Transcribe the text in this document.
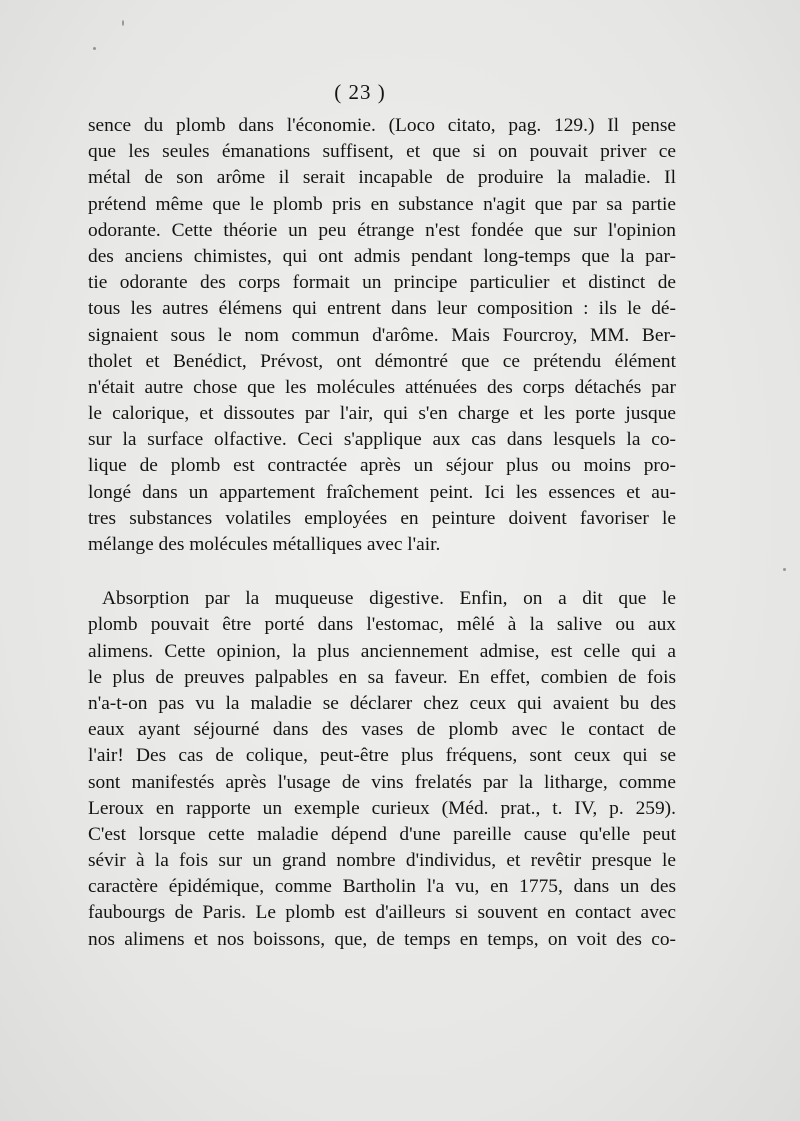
( 23 )
sence du plomb dans l'économie. (Loco citato, pag. 129.) Il pense
que les seules émanations suffisent, et que si on pouvait priver ce
métal de son arôme il serait incapable de produire la maladie. Il
prétend même que le plomb pris en substance n'agit que par sa partie
odorante. Cette théorie un peu étrange n'est fondée que sur l'opinion
des anciens chimistes, qui ont admis pendant long-temps que la par-
tie odorante des corps formait un principe particulier et distinct de
tous les autres élémens qui entrent dans leur composition : ils le dé-
signaient sous le nom commun d'arôme. Mais Fourcroy, MM. Ber-
tholet et Benédict, Prévost, ont démontré que ce prétendu élément
n'était autre chose que les molécules atténuées des corps détachés par
le calorique, et dissoutes par l'air, qui s'en charge et les porte jusque
sur la surface olfactive. Ceci s'applique aux cas dans lesquels la co-
lique de plomb est contractée après un séjour plus ou moins pro-
longé dans un appartement fraîchement peint. Ici les essences et au-
tres substances volatiles employées en peinture doivent favoriser le
mélange des molécules métalliques avec l'air.
Absorption par la muqueuse digestive. Enfin, on a dit que le
plomb pouvait être porté dans l'estomac, mêlé à la salive ou aux
alimens. Cette opinion, la plus anciennement admise, est celle qui a
le plus de preuves palpables en sa faveur. En effet, combien de fois
n'a-t-on pas vu la maladie se déclarer chez ceux qui avaient bu des
eaux ayant séjourné dans des vases de plomb avec le contact de
l'air! Des cas de colique, peut-être plus fréquens, sont ceux qui se
sont manifestés après l'usage de vins frelatés par la litharge, comme
Leroux en rapporte un exemple curieux (Méd. prat., t. IV, p. 259).
C'est lorsque cette maladie dépend d'une pareille cause qu'elle peut
sévir à la fois sur un grand nombre d'individus, et revêtir presque le
caractère épidémique, comme Bartholin l'a vu, en 1775, dans un des
faubourgs de Paris. Le plomb est d'ailleurs si souvent en contact avec
nos alimens et nos boissons, que, de temps en temps, on voit des co-
